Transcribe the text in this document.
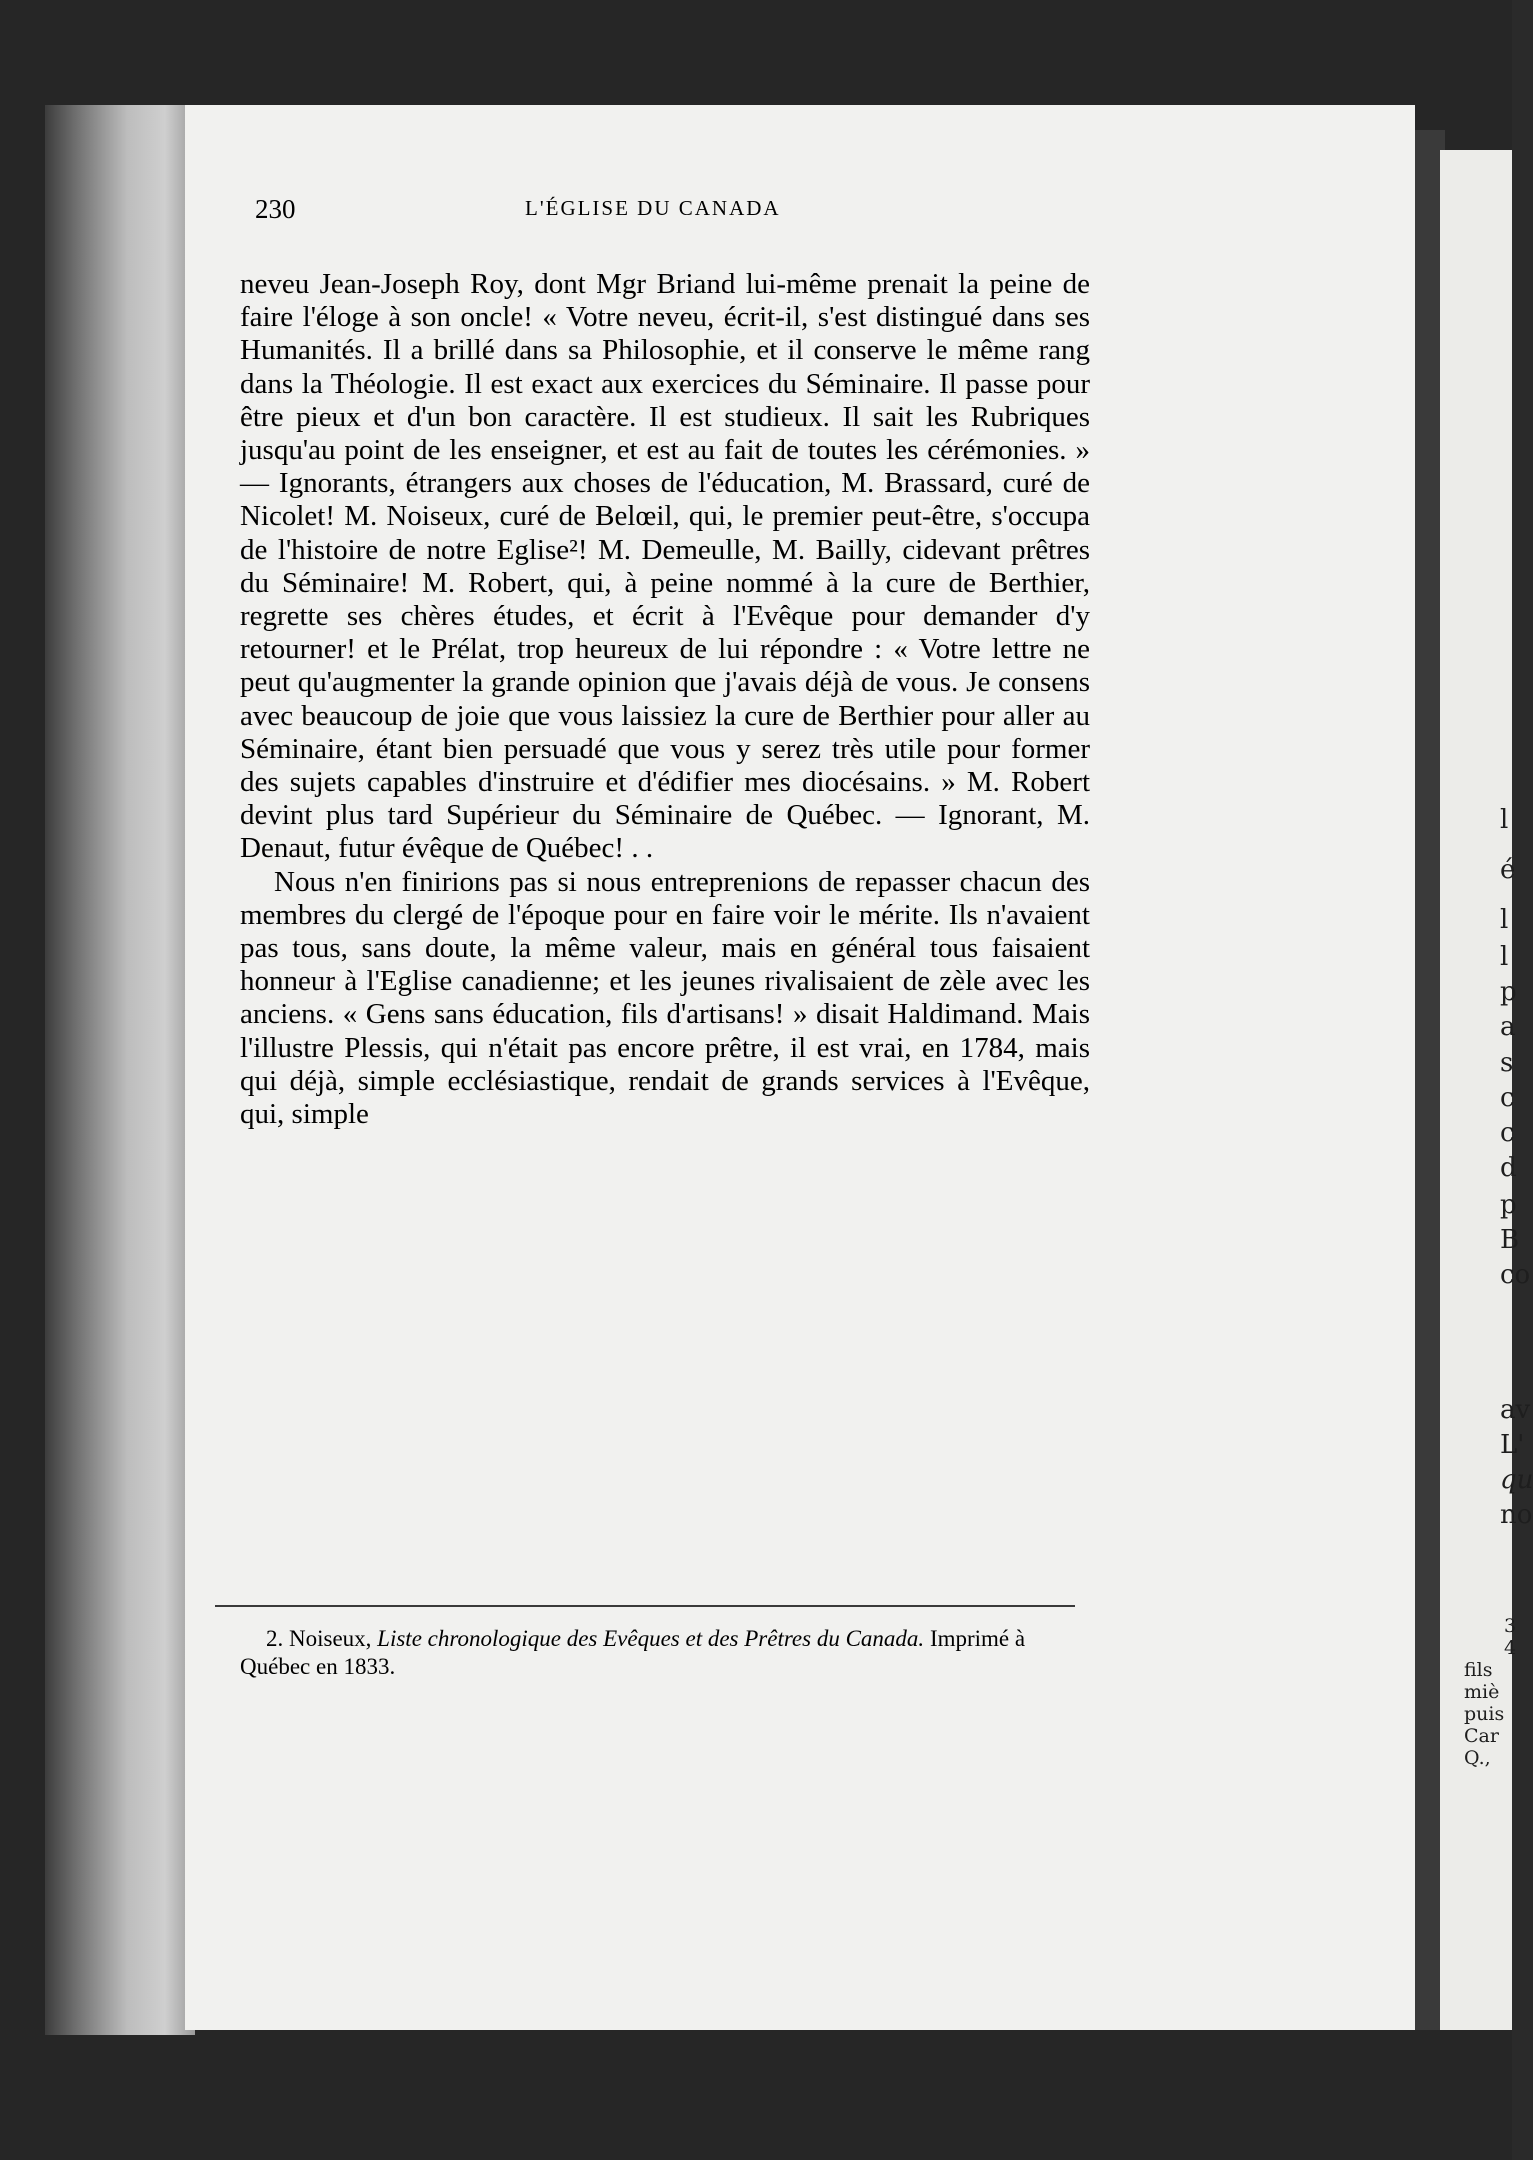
230	L'ÉGLISE DU CANADA

neveu Jean-Joseph Roy, dont Mgr Briand lui-même prenait la peine de faire l'éloge à son oncle! « Votre neveu, écrit-il, s'est distingué dans ses Humanités. Il a brillé dans sa Philosophie, et il conserve le même rang dans la Théologie. Il est exact aux exercices du Séminaire. Il passe pour être pieux et d'un bon caractère. Il est studieux. Il sait les Rubriques jusqu'au point de les enseigner, et est au fait de toutes les cérémonies. » — Ignorants, étrangers aux choses de l'éducation, M. Brassard, curé de Nicolet! M. Noiseux, curé de Belœil, qui, le premier peut-être, s'occupa de l'histoire de notre Eglise²! M. Demeulle, M. Bailly, cidevant prêtres du Séminaire! M. Robert, qui, à peine nommé à la cure de Berthier, regrette ses chères études, et écrit à l'Evêque pour demander d'y retourner! et le Prélat, trop heureux de lui répondre : « Votre lettre ne peut qu'augmenter la grande opinion que j'avais déjà de vous. Je consens avec beaucoup de joie que vous laissiez la cure de Berthier pour aller au Séminaire, étant bien persuadé que vous y serez très utile pour former des sujets capables d'instruire et d'édifier mes diocésains. » M. Robert devint plus tard Supérieur du Séminaire de Québec. — Ignorant, M. Denaut, futur évêque de Québec! . .

Nous n'en finirions pas si nous entreprenions de repasser chacun des membres du clergé de l'époque pour en faire voir le mérite. Ils n'avaient pas tous, sans doute, la même valeur, mais en général tous faisaient honneur à l'Eglise canadienne; et les jeunes rivalisaient de zèle avec les anciens. « Gens sans éducation, fils d'artisans! » disait Haldimand. Mais l'illustre Plessis, qui n'était pas encore prêtre, il est vrai, en 1784, mais qui déjà, simple ecclésiastique, rendait de grands services à l'Evêque, qui, simple

2. Noiseux, Liste chronologique des Evêques et des Prêtres du Canada. Imprimé à Québec en 1833.
l
é
l
l
p
a
s
c
c
d
p
B
co
av
L'
qu
no
3
4
fils
miè
puis
Car
Q.,
